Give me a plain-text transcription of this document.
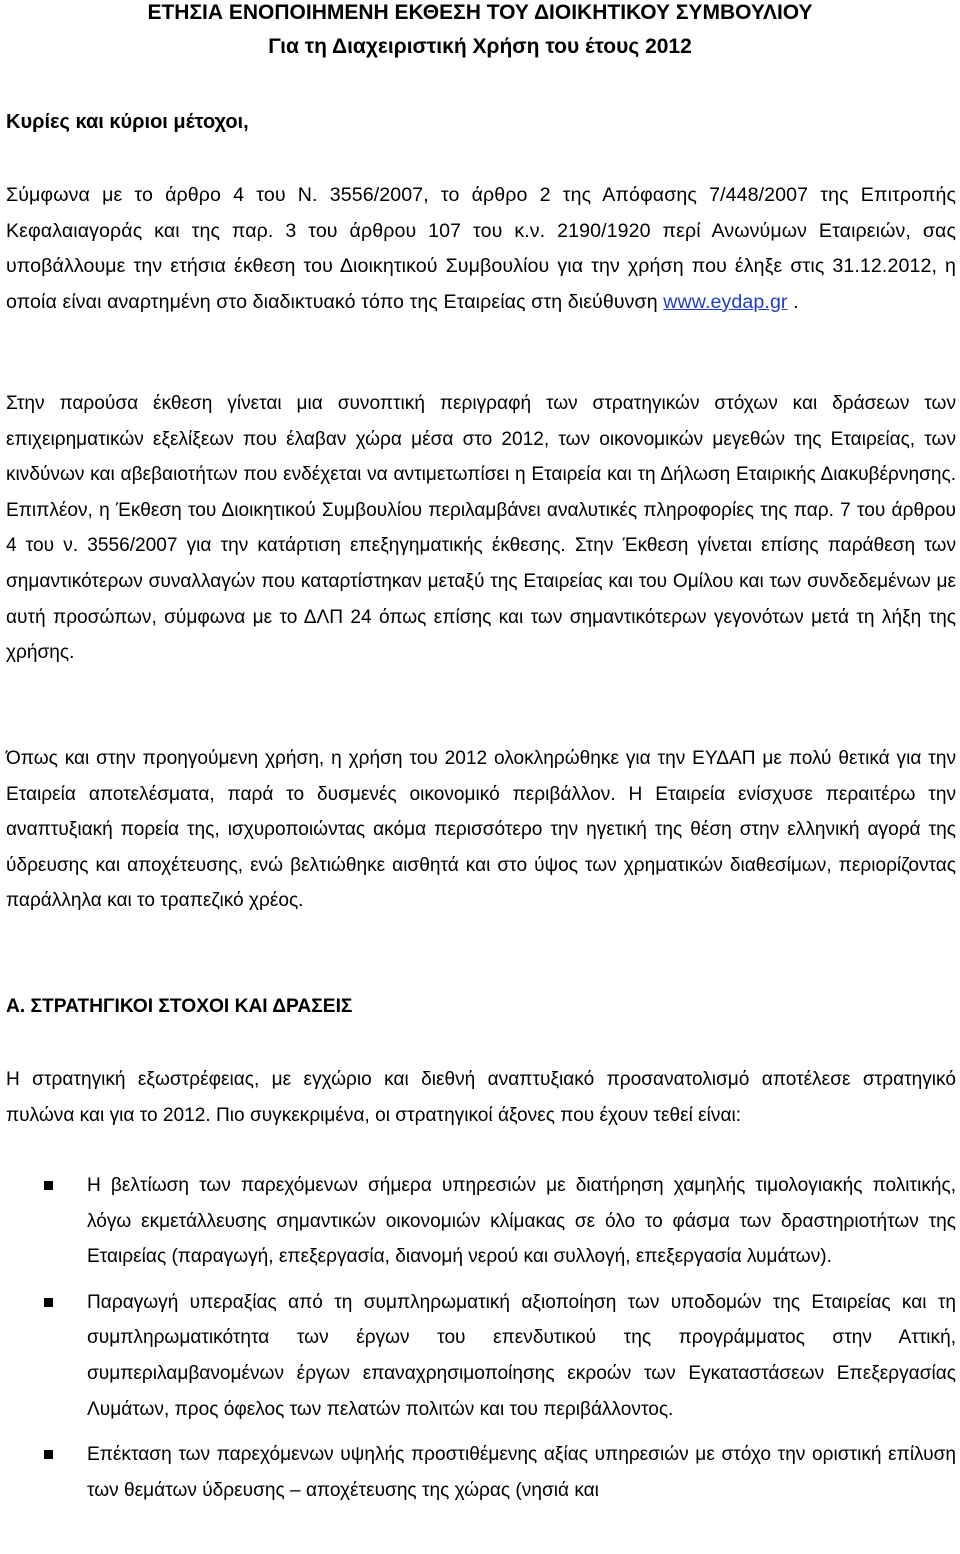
ΕΤΗΣΙΑ ΕΝΟΠΟΙΗΜΕΝΗ ΕΚΘΕΣΗ ΤΟΥ ΔΙΟΙΚΗΤΙΚΟΥ ΣΥΜΒΟΥΛΙΟΥ
Για τη Διαχειριστική Χρήση του έτους 2012
Κυρίες και κύριοι μέτοχοι,

Σύμφωνα με το άρθρο 4 του Ν. 3556/2007, το άρθρο 2 της Απόφασης 7/448/2007 της Επιτροπής Κεφαλαιαγοράς και της παρ. 3 του άρθρου 107 του κ.ν. 2190/1920 περί Ανωνύμων Εταιρειών, σας υποβάλλουμε την ετήσια έκθεση του Διοικητικού Συμβουλίου για την χρήση που έληξε στις 31.12.2012, η οποία είναι αναρτημένη στο διαδικτυακό τόπο της Εταιρείας στη διεύθυνση www.eydap.gr .

Στην παρούσα έκθεση γίνεται μια συνοπτική περιγραφή των στρατηγικών στόχων και δράσεων των επιχειρηματικών εξελίξεων που έλαβαν χώρα μέσα στο 2012, των οικονομικών μεγεθών της Εταιρείας, των κινδύνων και αβεβαιοτήτων που ενδέχεται να αντιμετωπίσει η Εταιρεία και τη Δήλωση Εταιρικής Διακυβέρνησης. Επιπλέον, η Έκθεση του Διοικητικού Συμβουλίου περιλαμβάνει αναλυτικές πληροφορίες της παρ. 7 του άρθρου 4 του ν. 3556/2007 για την κατάρτιση επεξηγηματικής έκθεσης. Στην Έκθεση γίνεται επίσης παράθεση των σημαντικότερων συναλλαγών που καταρτίστηκαν μεταξύ της Εταιρείας και του Ομίλου και των συνδεδεμένων με αυτή προσώπων, σύμφωνα με το ΔΛΠ 24 όπως επίσης και των σημαντικότερων γεγονότων μετά τη λήξη της χρήσης.

Όπως και στην προηγούμενη χρήση, η χρήση του 2012 ολοκληρώθηκε για την ΕΥΔΑΠ με πολύ θετικά για την Εταιρεία αποτελέσματα, παρά το δυσμενές οικονομικό περιβάλλον. Η Εταιρεία ενίσχυσε περαιτέρω την αναπτυξιακή πορεία της, ισχυροποιώντας ακόμα περισσότερο την ηγετική της θέση στην ελληνική αγορά της ύδρευσης και αποχέτευσης, ενώ βελτιώθηκε αισθητά και στο ύψος των χρηματικών διαθεσίμων, περιορίζοντας παράλληλα και το τραπεζικό χρέος.

Α. ΣΤΡΑΤΗΓΙΚΟΙ ΣΤΟΧΟΙ ΚΑΙ ΔΡΑΣΕΙΣ

Η στρατηγική εξωστρέφειας, με εγχώριο και διεθνή αναπτυξιακό προσανατολισμό αποτέλεσε στρατηγικό πυλώνα και για το 2012. Πιο συγκεκριμένα, οι στρατηγικοί άξονες που έχουν τεθεί είναι:

Η βελτίωση των παρεχόμενων σήμερα υπηρεσιών με διατήρηση χαμηλής τιμολογιακής πολιτικής, λόγω εκμετάλλευσης σημαντικών οικονομιών κλίμακας σε όλο το φάσμα των δραστηριοτήτων της Εταιρείας (παραγωγή, επεξεργασία, διανομή νερού και συλλογή, επεξεργασία λυμάτων).
Παραγωγή υπεραξίας από τη συμπληρωματική αξιοποίηση των υποδομών της Εταιρείας και τη συμπληρωματικότητα των έργων του επενδυτικού της προγράμματος στην Αττική, συμπεριλαμβανομένων έργων επαναχρησιμοποίησης εκροών των Εγκαταστάσεων Επεξεργασίας Λυμάτων, προς όφελος των πελατών πολιτών και του περιβάλλοντος.
Επέκταση των παρεχόμενων υψηλής προστιθέμενης αξίας υπηρεσιών με στόχο την οριστική επίλυση των θεμάτων ύδρευσης – αποχέτευσης της χώρας (νησιά και
